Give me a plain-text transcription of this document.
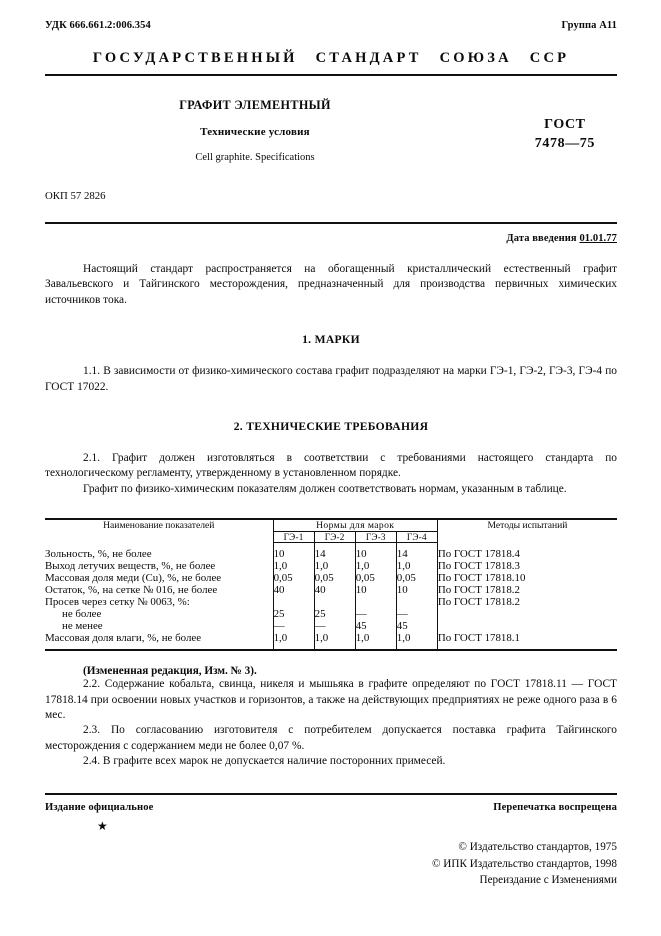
УДК 666.661.2:006.354	Группа А11
ГОСУДАРСТВЕННЫЙ СТАНДАРТ СОЮЗА ССР
ГРАФИТ ЭЛЕМЕНТНЫЙ
Технические условия
Cell graphite. Specifications
ГОСТ
7478—75
ОКП 57 2826
Дата введения 01.01.77

Настоящий стандарт распространяется на обогащенный кристаллический естественный графит Завальевского и Тайгинского месторождения, предназначенный для производства первичных химических источников тока.

1. МАРКИ

1.1. В зависимости от физико-химического состава графит подразделяют на марки ГЭ-1, ГЭ-2, ГЭ-3, ГЭ-4 по ГОСТ 17022.

2. ТЕХНИЧЕСКИЕ ТРЕБОВАНИЯ

2.1. Графит должен изготовляться в соответствии с требованиями настоящего стандарта по технологическому регламенту, утвержденному в установленном порядке.

Графит по физико-химическим показателям должен соответствовать нормам, указанным в таблице.

Наименование показателей	Нормы для марок				Методы испытаний
	ГЭ-1	ГЭ-2	ГЭ-3	ГЭ-4	
Зольность, %, не более	10	14	10	14	По ГОСТ 17818.4
Выход летучих веществ, %, не более	1,0	1,0	1,0	1,0	По ГОСТ 17818.3
Массовая доля меди (Cu), %, не более	0,05	0,05	0,05	0,05	По ГОСТ 17818.10
Остаток, %, на сетке № 016, не более	40	40	10	10	По ГОСТ 17818.2
Просев через сетку № 0063, %:					По ГОСТ 17818.2
не более	25	25	—	—	
не менее	—	—	45	45	
Массовая доля влаги, %, не более	1,0	1,0	1,0	1,0	По ГОСТ 17818.1

(Измененная редакция, Изм. № 3).

2.2. Содержание кобальта, свинца, никеля и мышьяка в графите определяют по ГОСТ 17818.11 — ГОСТ 17818.14 при освоении новых участков и горизонтов, а также на действующих предприятиях не реже одного раза в 6 мес.

2.3. По согласованию изготовителя с потребителем допускается поставка графита Тайгинского месторождения с содержанием меди не более 0,07 %.

2.4. В графите всех марок не допускается наличие посторонних примесей.

Издание официальное	Перепечатка воспрещена
★
© Издательство стандартов, 1975
© ИПК Издательство стандартов, 1998
Переиздание с Изменениями
